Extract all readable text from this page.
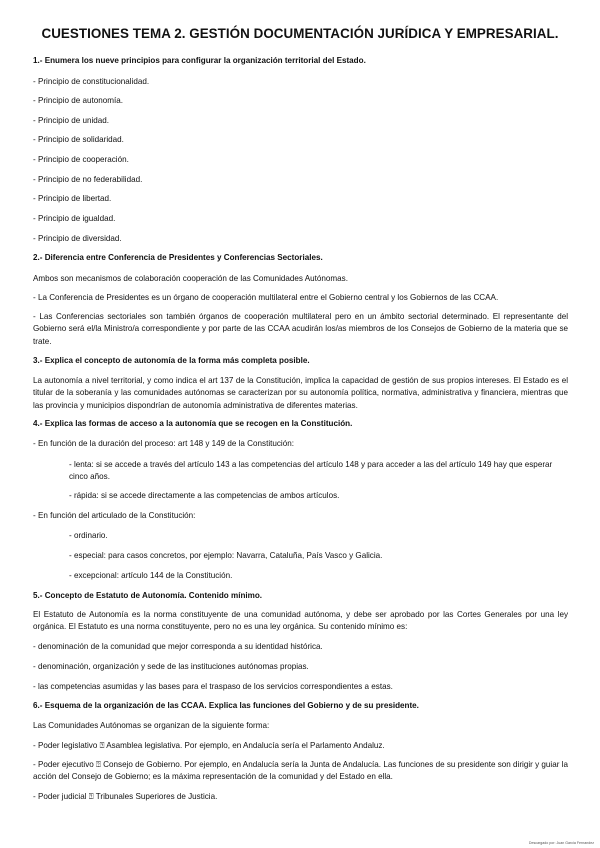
CUESTIONES TEMA 2. GESTIÓN DOCUMENTACIÓN JURÍDICA Y EMPRESARIAL.

1.- Enumera los nueve principios para configurar la organización territorial del Estado.

- Principio de constitucionalidad.

- Principio de autonomía.

- Principio de unidad.

- Principio de solidaridad.

- Principio de cooperación.

- Principio de no federabilidad.

- Principio de libertad.

- Principio de igualdad.

- Principio de diversidad.

2.- Diferencia entre Conferencia de Presidentes y Conferencias Sectoriales.

Ambos son mecanismos de colaboración cooperación de las Comunidades Autónomas.

- La Conferencia de Presidentes es un órgano de cooperación multilateral entre el Gobierno central y los Gobiernos de las CCAA.

- Las Conferencias sectoriales son también órganos de cooperación multilateral pero en un ámbito sectorial determinado. El representante del Gobierno será el/la Ministro/a correspondiente y por parte de las CCAA acudirán los/as miembros de los Consejos de Gobierno de la materia que se trate.

3.- Explica el concepto de autonomía de la forma más completa posible.

La autonomía a nivel territorial, y como indica el art 137 de la Constitución, implica la capacidad de gestión de sus propios intereses. El Estado es el titular de la soberanía y las comunidades autónomas se caracterizan por su autonomía política, normativa, administrativa y financiera, mientras que las provincia y municipios dispondrían de autonomía administrativa de diferentes materias.

4.- Explica las formas de acceso a la autonomía que se recogen en la Constitución.

- En función de la duración del proceso: art 148 y 149 de la Constitución:

- lenta: si se accede a través del artículo 143 a las competencias del artículo 148 y para acceder a las del artículo 149 hay que esperar cinco años.

- rápida: si se accede directamente a las competencias de ambos artículos.

- En función del articulado de la Constitución:

- ordinario.

- especial: para casos concretos, por ejemplo: Navarra, Cataluña, País Vasco y Galicia.

- excepcional: artículo 144 de la Constitución.

5.- Concepto de Estatuto de Autonomía. Contenido mínimo.

El Estatuto de Autonomía es la norma constituyente de una comunidad autónoma, y debe ser aprobado por las Cortes Generales por una ley orgánica. El Estatuto es una norma constituyente, pero no es una ley orgánica. Su contenido mínimo es:

- denominación de la comunidad que mejor corresponda a su identidad histórica.

- denominación, organización y sede de las instituciones autónomas propias.

- las competencias asumidas y las bases para el traspaso de los servicios correspondientes a estas.

6.- Esquema de la organización de las CCAA. Explica las funciones del Gobierno y de su presidente.

Las Comunidades Autónomas se organizan de la siguiente forma:

- Poder legislativo ⍰ Asamblea legislativa. Por ejemplo, en Andalucía sería el Parlamento Andaluz.

- Poder ejecutivo ⍰ Consejo de Gobierno. Por ejemplo, en Andalucía sería la Junta de Andalucía. Las funciones de su presidente son dirigir y guiar la acción del Consejo de Gobierno; es la máxima representación de la comunidad y del Estado en ella.

- Poder judicial ⍰ Tribunales Superiores de Justicia.

Descargado por: Juan Garcia Fernandez
